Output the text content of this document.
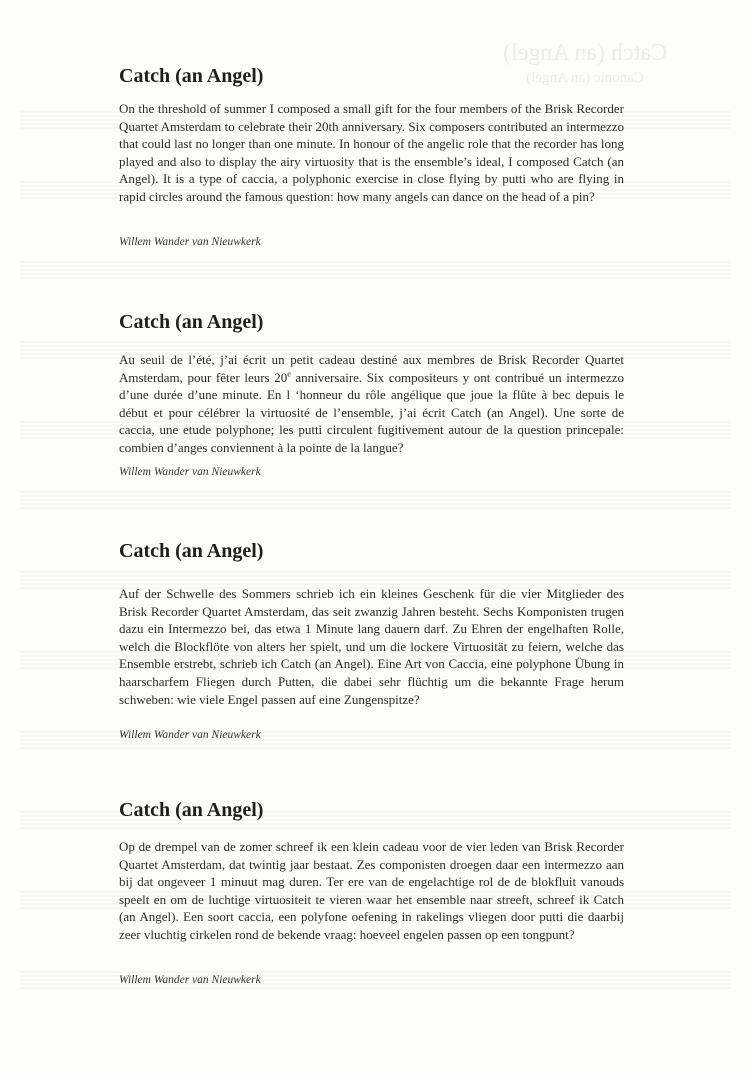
Catch (an Angel)
Canonic (an Angel)
Catch (an Angel)

On the threshold of summer I composed a small gift for the four members of the Brisk Recorder Quartet Amsterdam to celebrate their 20th anniversary. Six composers contributed an intermezzo that could last no longer than one minute. In honour of the angelic role that the recorder has long played and also to display the airy virtuosity that is the ensemble’s ideal, I composed Catch (an Angel). It is a type of caccia, a polyphonic exercise in close flying by putti who are flying in rapid circles around the famous question: how many angels can dance on the head of a pin?

Willem Wander van Nieuwkerk

Catch (an Angel)

Au seuil de l’été, j’ai écrit un petit cadeau destiné aux membres de Brisk Recorder Quartet Amsterdam, pour fêter leurs 20e anniversaire. Six compositeurs y ont contribué un intermezzo d’une durée d’une minute. En l ‘honneur du rôle angélique que joue la flûte à bec depuis le début et pour célébrer la virtuosité de l’ensemble, j’ai écrit Catch (an Angel). Une sorte de caccia, une etude polyphone; les putti circulent fugitivement autour de la question princepale: combien d’anges conviennent à la pointe de la langue?

Willem Wander van Nieuwkerk

Catch (an Angel)

Auf der Schwelle des Sommers schrieb ich ein kleines Geschenk für die vier Mitglieder des Brisk Recorder Quartet Amsterdam, das seit zwanzig Jahren besteht. Sechs Komponisten trugen dazu ein Intermezzo bei, das etwa 1 Minute lang dauern darf. Zu Ehren der engelhaften Rolle, welch die Blockflöte von alters her spielt, und um die lockere Virtuosität zu feiern, welche das Ensemble erstrebt, schrieb ich Catch (an Angel). Eine Art von Caccia, eine polyphone Übung in haarscharfem Fliegen durch Putten, die dabei sehr flüchtig um die bekannte Frage herum schweben: wie viele Engel passen auf eine Zungenspitze?

Willem Wander van Nieuwkerk

Catch (an Angel)

Op de drempel van de zomer schreef ik een klein cadeau voor de vier leden van Brisk Recorder Quartet Amsterdam, dat twintig jaar bestaat. Zes componisten droegen daar een intermezzo aan bij dat ongeveer 1 minuut mag duren. Ter ere van de engelachtige rol de de blokfluit vanouds speelt en om de luchtige virtuositeit te vieren waar het ensemble naar streeft, schreef ik Catch (an Angel). Een soort caccia, een polyfone oefening in rakelings vliegen door putti die daarbij zeer vluchtig cirkelen rond de bekende vraag: hoeveel engelen passen op een tongpunt?

Willem Wander van Nieuwkerk
